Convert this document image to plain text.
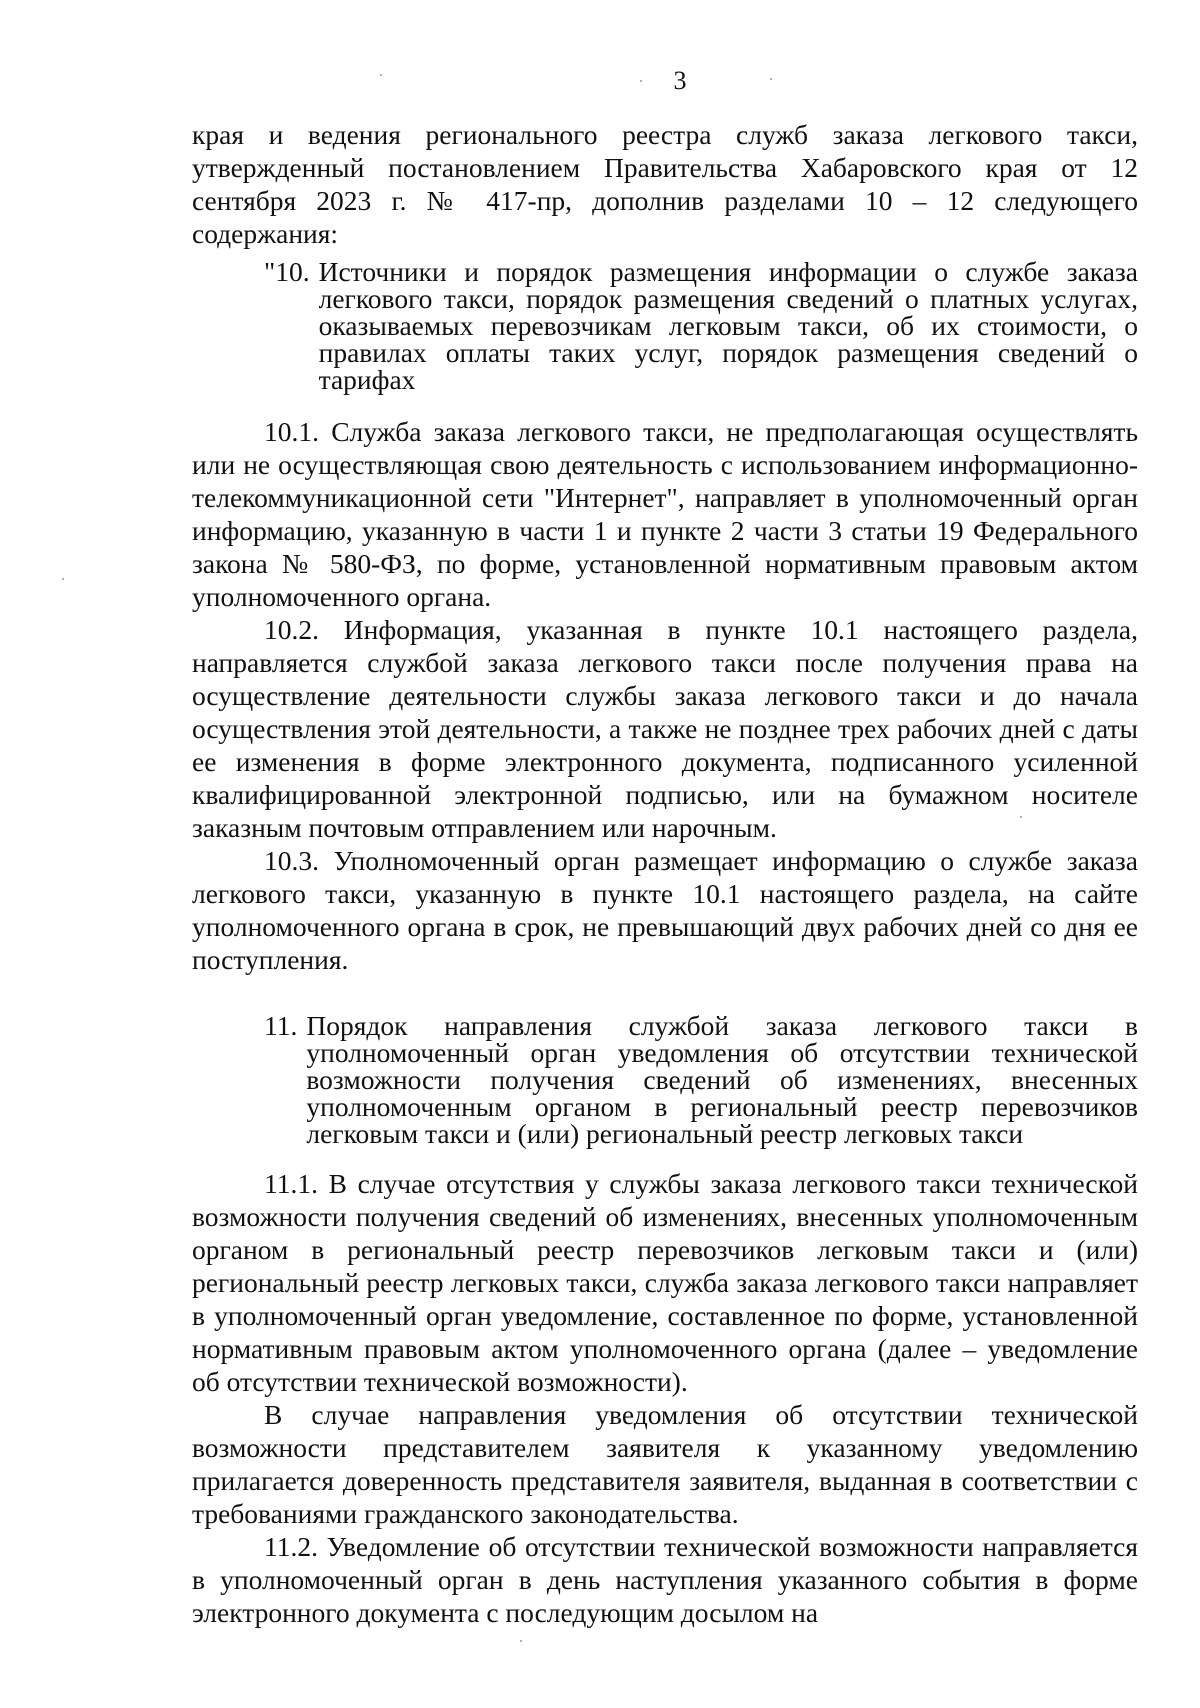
3

края и ведения регионального реестра служб заказа легкового такси, утвержденный постановлением Правительства Хабаровского края от 12 сентября 2023 г. № 417-пр, дополнив разделами 10 – 12 следующего содержания:

"10. Источники и порядок размещения информации о службе заказа легкового такси, порядок размещения сведений о платных услугах, оказываемых перевозчикам легковым такси, об их стоимости, о правилах оплаты таких услуг, порядок размещения сведений о тарифах

10.1. Служба заказа легкового такси, не предполагающая осуществлять или не осуществляющая свою деятельность с использованием информационно-телекоммуникационной сети "Интернет", направляет в уполномоченный орган информацию, указанную в части 1 и пункте 2 части 3 статьи 19 Федерального закона № 580-ФЗ, по форме, установленной нормативным правовым актом уполномоченного органа.

10.2. Информация, указанная в пункте 10.1 настоящего раздела, направляется службой заказа легкового такси после получения права на осуществление деятельности службы заказа легкового такси и до начала осуществления этой деятельности, а также не позднее трех рабочих дней с даты ее изменения в форме электронного документа, подписанного усиленной квалифицированной электронной подписью, или на бумажном носителе заказным почтовым отправлением или нарочным.

10.3. Уполномоченный орган размещает информацию о службе заказа легкового такси, указанную в пункте 10.1 настоящего раздела, на сайте уполномоченного органа в срок, не превышающий двух рабочих дней со дня ее поступления.

11. Порядок направления службой заказа легкового такси в уполномоченный орган уведомления об отсутствии технической возможности получения сведений об изменениях, внесенных уполномоченным органом в региональный реестр перевозчиков легковым такси и (или) региональный реестр легковых такси

11.1. В случае отсутствия у службы заказа легкового такси технической возможности получения сведений об изменениях, внесенных уполномоченным органом в региональный реестр перевозчиков легковым такси и (или) региональный реестр легковых такси, служба заказа легкового такси направляет в уполномоченный орган уведомление, составленное по форме, установленной нормативным правовым актом уполномоченного органа (далее – уведомление об отсутствии технической возможности).

В случае направления уведомления об отсутствии технической возможности представителем заявителя к указанному уведомлению прилагается доверенность представителя заявителя, выданная в соответствии с требованиями гражданского законодательства.

11.2. Уведомление об отсутствии технической возможности направляется в уполномоченный орган в день наступления указанного события в форме электронного документа с последующим досылом на
